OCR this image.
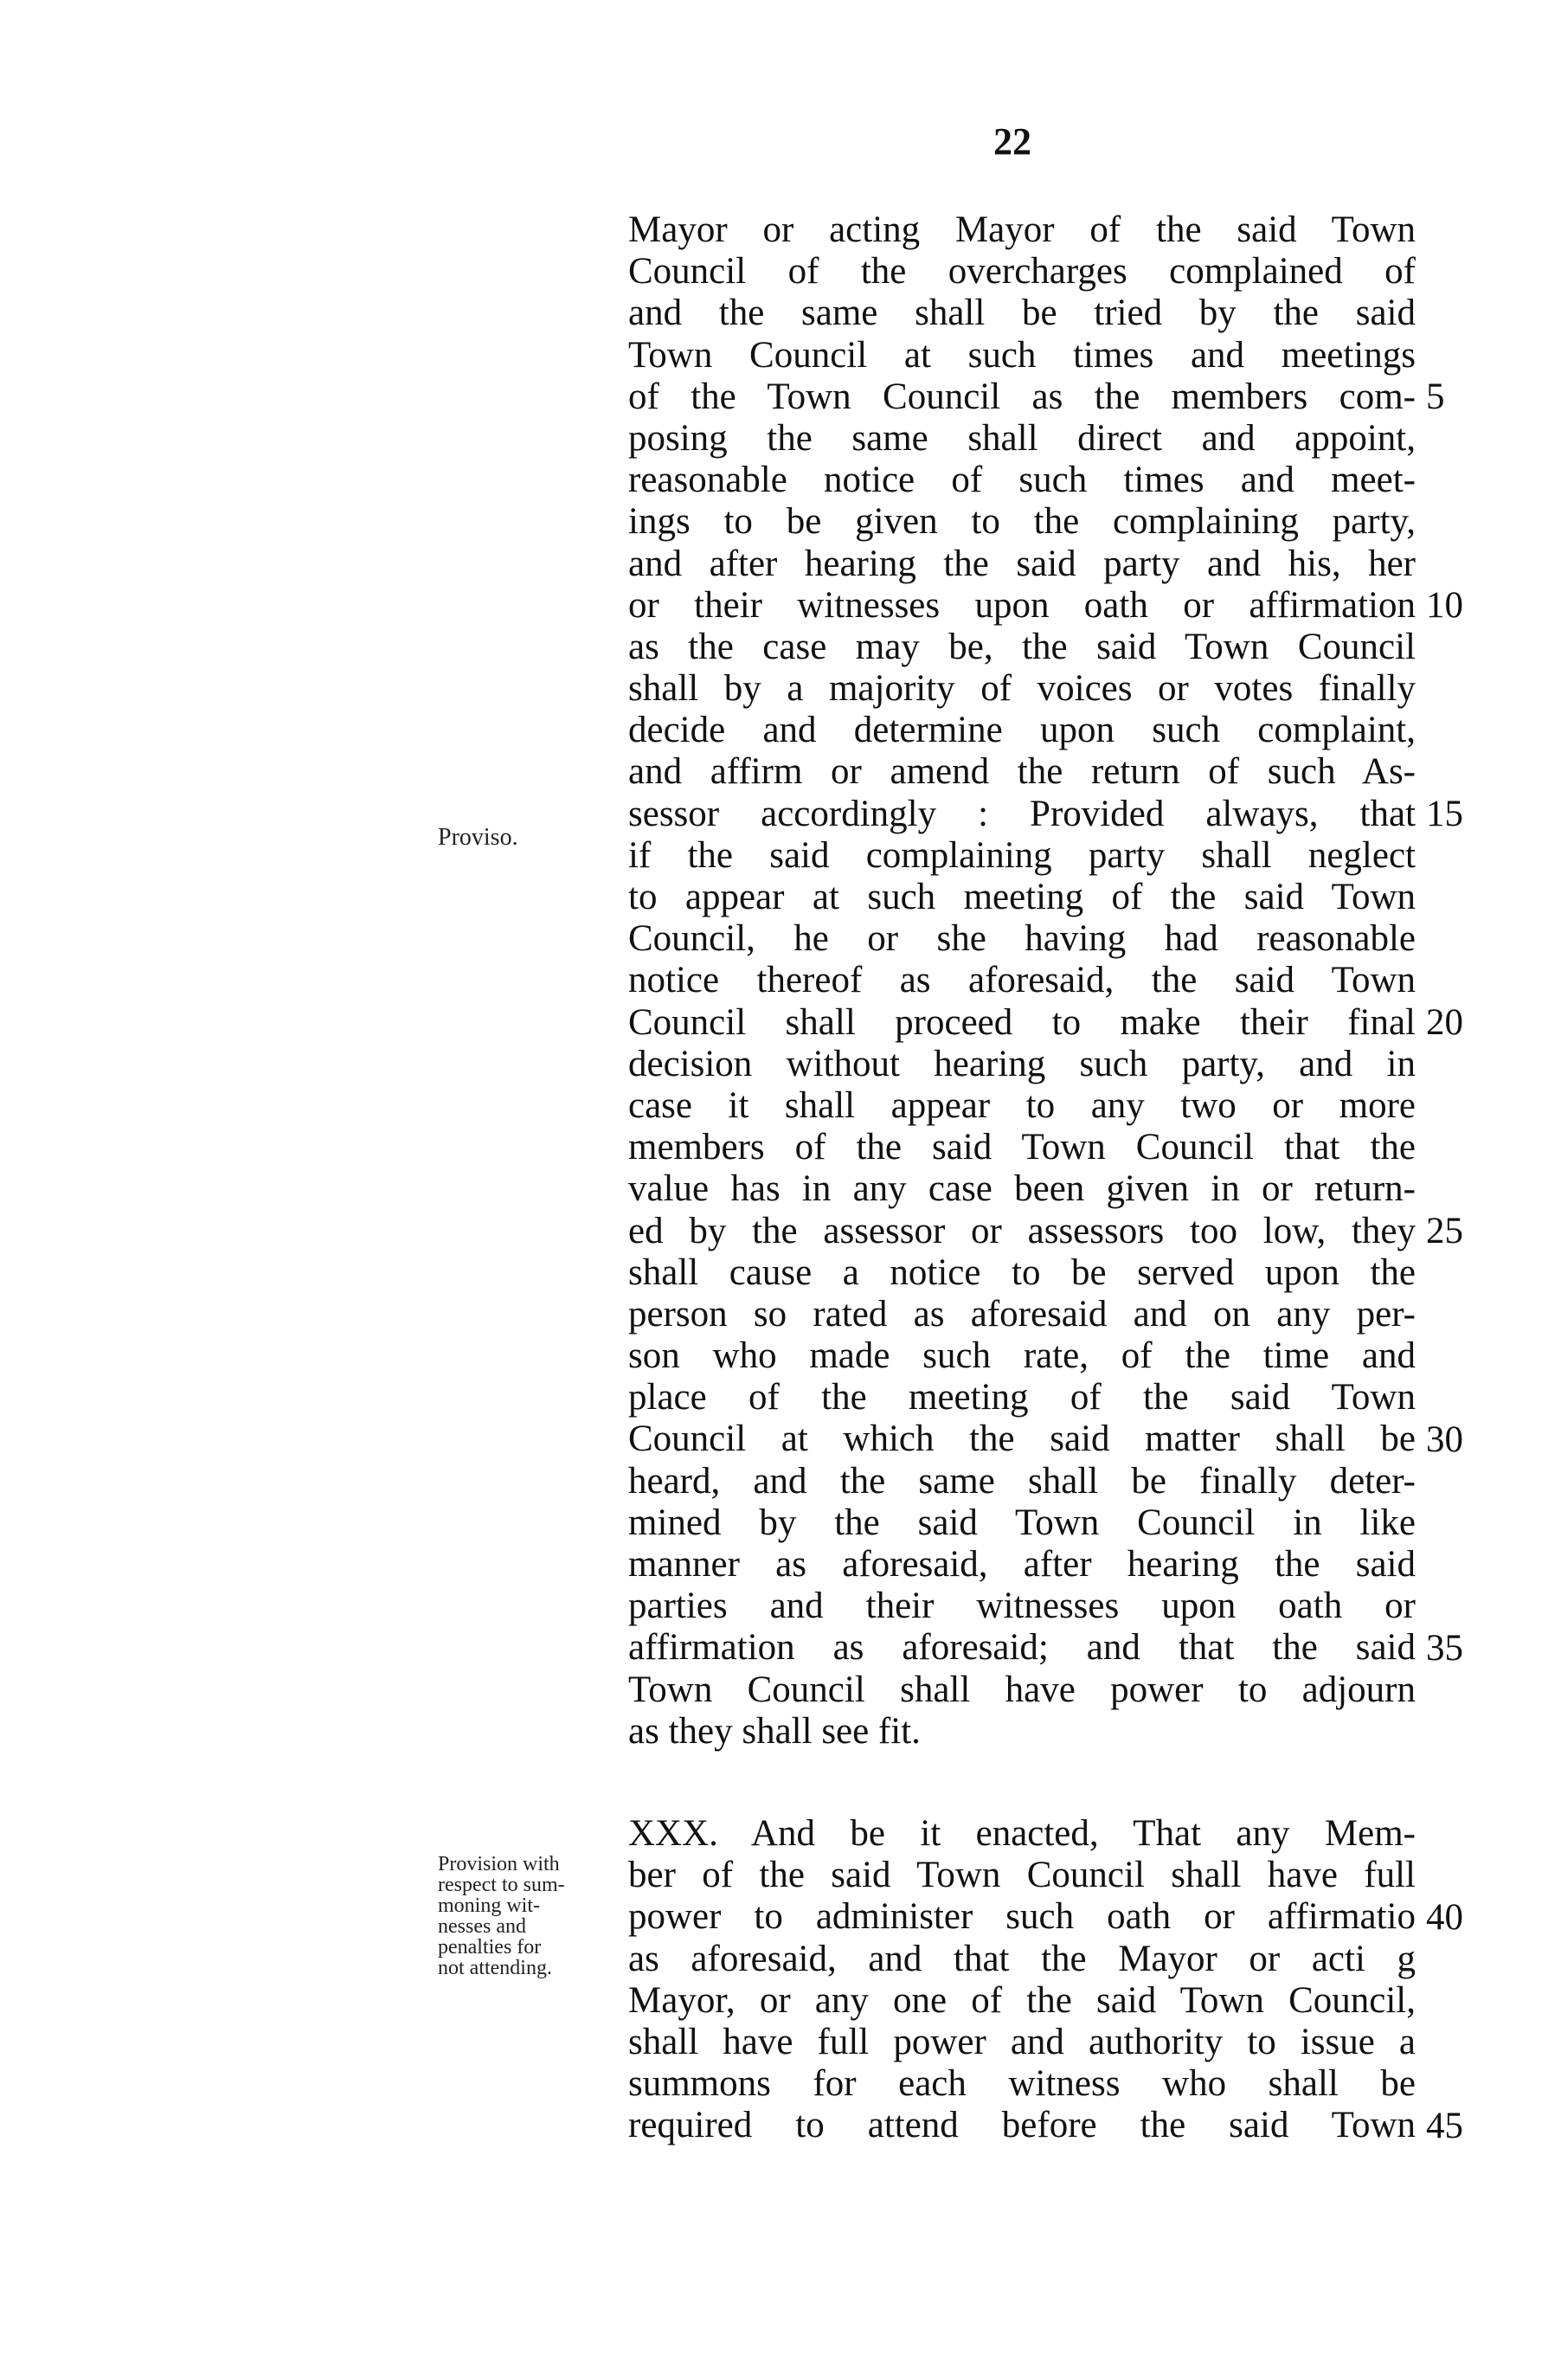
22
Proviso.
Provision with
respect to sum-
moning wit-
nesses and
penalties for
not attending.
Mayor or acting Mayor of the said Town
Council of the overcharges complained of
and the same shall be tried by the said
Town Council at such times and meetings
of the Town Council as the members com-
posing the same shall direct and appoint,
reasonable notice of such times and meet-
ings to be given to the complaining party,
and after hearing the said party and his, her
or their witnesses upon oath or affirmation
as the case may be, the said Town Council
shall by a majority of voices or votes finally
decide and determine upon such complaint,
and affirm or amend the return of such As-
sessor accordingly : Provided always, that
if the said complaining party shall neglect
to appear at such meeting of the said Town
Council, he or she having had reasonable
notice thereof as aforesaid, the said Town
Council shall proceed to make their final
decision without hearing such party, and in
case it shall appear to any two or more
members of the said Town Council that the
value has in any case been given in or return-
ed by the assessor or assessors too low, they
shall cause a notice to be served upon the
person so rated as aforesaid and on any per-
son who made such rate, of the time and
place of the meeting of the said Town
Council at which the said matter shall be
heard, and the same shall be finally deter-
mined by the said Town Council in like
manner as aforesaid, after hearing the said
parties and their witnesses upon oath or
affirmation as aforesaid; and that the said
Town Council shall have power to adjourn
as they shall see fit.
XXX. And be it enacted, That any Mem-
ber of the said Town Council shall have full
power to administer such oath or affirmatio
as aforesaid, and that the Mayor or acti g
Mayor, or any one of the said Town Council,
shall have full power and authority to issue a
summons for each witness who shall be
required to attend before the said Town
5
10
15
20
25
30
35
40
45
